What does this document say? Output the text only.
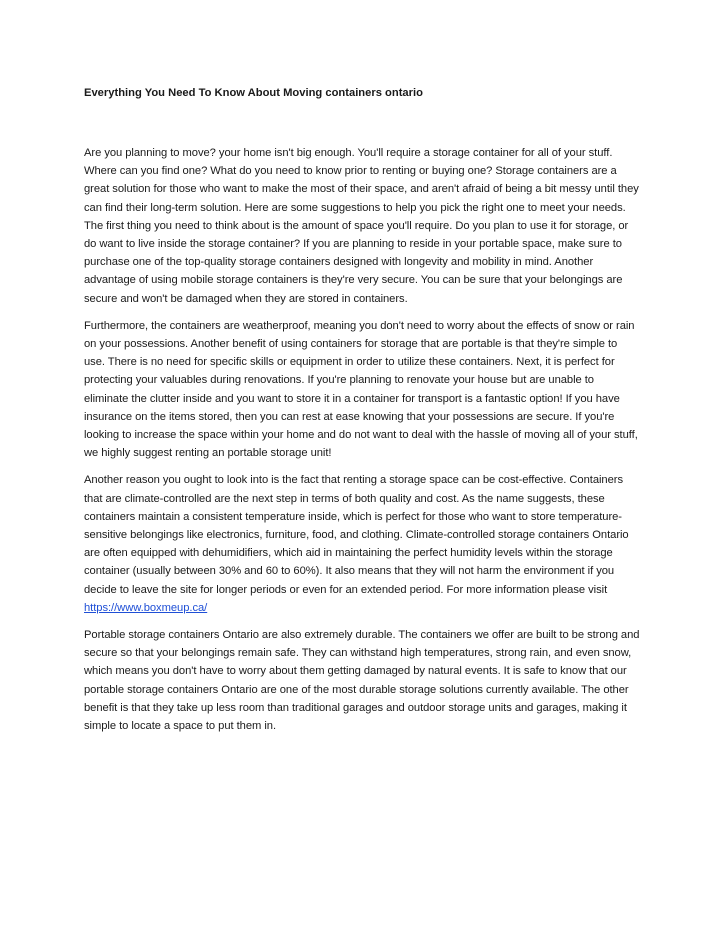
Everything You Need To Know About Moving containers ontario

Are you planning to move? your home isn't big enough. You'll require a storage container for all of your stuff. Where can you find one? What do you need to know prior to renting or buying one? Storage containers are a great solution for those who want to make the most of their space, and aren't afraid of being a bit messy until they can find their long-term solution. Here are some suggestions to help you pick the right one to meet your needs. The first thing you need to think about is the amount of space you'll require. Do you plan to use it for storage, or do want to live inside the storage container? If you are planning to reside in your portable space, make sure to purchase one of the top-quality storage containers designed with longevity and mobility in mind. Another advantage of using mobile storage containers is they're very secure. You can be sure that your belongings are secure and won't be damaged when they are stored in containers.

Furthermore, the containers are weatherproof, meaning you don't need to worry about the effects of snow or rain on your possessions. Another benefit of using containers for storage that are portable is that they're simple to use. There is no need for specific skills or equipment in order to utilize these containers. Next, it is perfect for protecting your valuables during renovations. If you're planning to renovate your house but are unable to eliminate the clutter inside and you want to store it in a container for transport is a fantastic option! If you have insurance on the items stored, then you can rest at ease knowing that your possessions are secure. If you're looking to increase the space within your home and do not want to deal with the hassle of moving all of your stuff, we highly suggest renting an portable storage unit!

Another reason you ought to look into is the fact that renting a storage space can be cost-effective. Containers that are climate-controlled are the next step in terms of both quality and cost. As the name suggests, these containers maintain a consistent temperature inside, which is perfect for those who want to store temperature-sensitive belongings like electronics, furniture, food, and clothing. Climate-controlled storage containers Ontario are often equipped with dehumidifiers, which aid in maintaining the perfect humidity levels within the storage container (usually between 30% and 60 to 60%). It also means that they will not harm the environment if you decide to leave the site for longer periods or even for an extended period. For more information please visit https://www.boxmeup.ca/

Portable storage containers Ontario are also extremely durable. The containers we offer are built to be strong and secure so that your belongings remain safe. They can withstand high temperatures, strong rain, and even snow, which means you don't have to worry about them getting damaged by natural events. It is safe to know that our portable storage containers Ontario are one of the most durable storage solutions currently available. The other benefit is that they take up less room than traditional garages and outdoor storage units and garages, making it simple to locate a space to put them in.
